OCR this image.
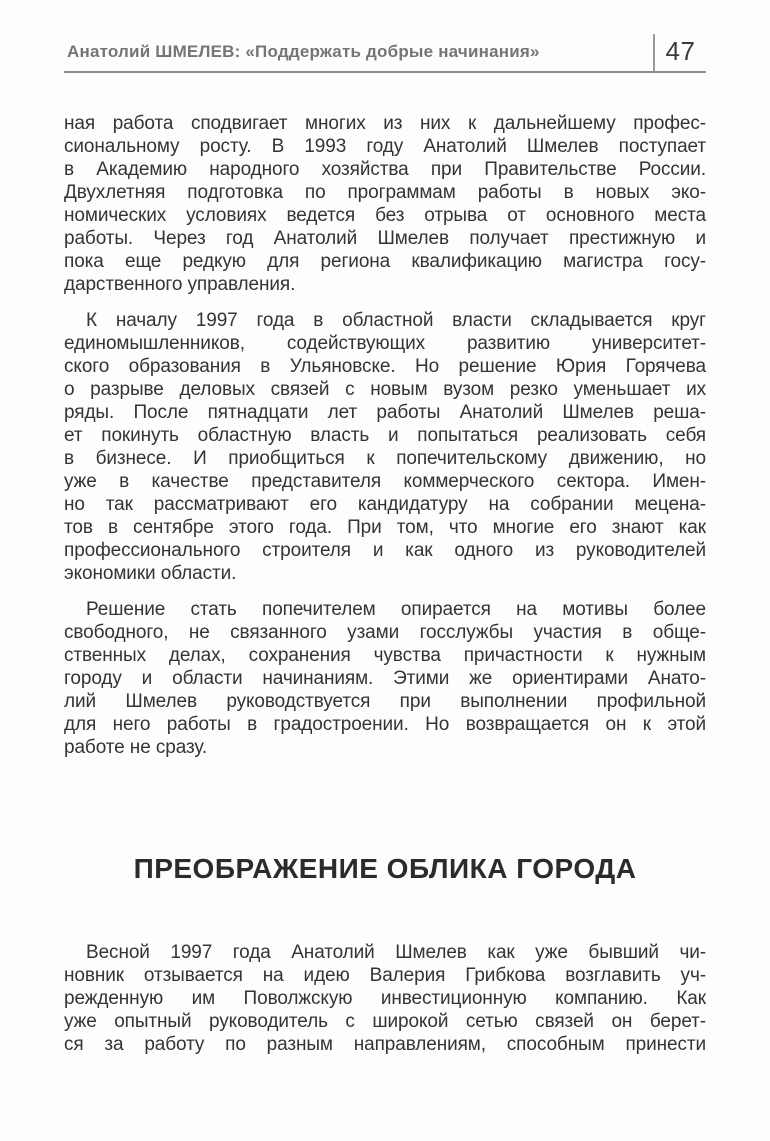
Анатолий ШМЕЛЕВ: «Поддержать добрые начинания»	47

ная работа сподвигает многих из них к дальнейшему профес-
сиональному росту. В 1993 году Анатолий Шмелев поступает
в Академию народного хозяйства при Правительстве России.
Двухлетняя подготовка по программам работы в новых эко-
номических условиях ведется без отрыва от основного места
работы. Через год Анатолий Шмелев получает престижную и
пока еще редкую для региона квалификацию магистра госу-
дарственного управления.

К началу 1997 года в областной власти складывается круг
единомышленников, содействующих развитию университет-
ского образования в Ульяновске. Но решение Юрия Горячева
о разрыве деловых связей с новым вузом резко уменьшает их
ряды. После пятнадцати лет работы Анатолий Шмелев реша-
ет покинуть областную власть и попытаться реализовать себя
в бизнесе. И приобщиться к попечительскому движению, но
уже в качестве представителя коммерческого сектора. Имен-
но так рассматривают его кандидатуру на собрании мецена-
тов в сентябре этого года. При том, что многие его знают как
профессионального строителя и как одного из руководителей
экономики области.

Решение стать попечителем опирается на мотивы более
свободного, не связанного узами госслужбы участия в обще-
ственных делах, сохранения чувства причастности к нужным
городу и области начинаниям. Этими же ориентирами Анато-
лий Шмелев руководствуется при выполнении профильной
для него работы в градостроении. Но возвращается он к этой
работе не сразу.

ПРЕОБРАЖЕНИЕ ОБЛИКА ГОРОДА

Весной 1997 года Анатолий Шмелев как уже бывший чи-
новник отзывается на идею Валерия Грибкова возглавить уч-
режденную им Поволжскую инвестиционную компанию. Как
уже опытный руководитель с широкой сетью связей он берет-
ся за работу по разным направлениям, способным принести
